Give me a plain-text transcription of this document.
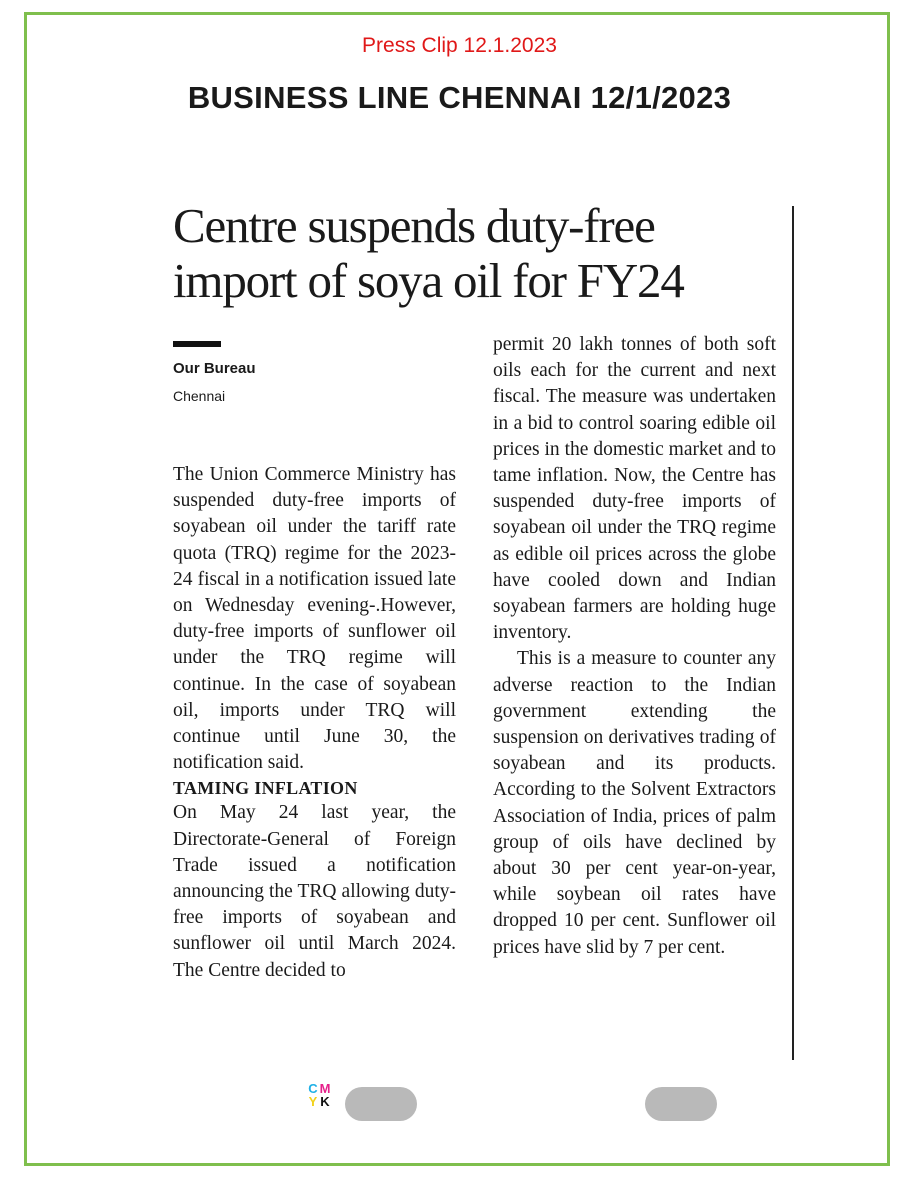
Press Clip 12.1.2023
BUSINESS LINE CHENNAI 12/1/2023
Centre suspends duty-free
import of soya oil for FY24
Our Bureau
Chennai

The Union Commerce Ministry has suspended duty-free imports of soyabean oil under the tariff rate quota (TRQ) regime for the 2023-24 fiscal in a notification issued late on Wednesday evening-.However, duty-free imports of sunflower oil under the TRQ regime will continue. In the case of soyabean oil, imports under TRQ will continue until June 30, the notification said.

TAMING INFLATION

On May 24 last year, the Directorate-General of Foreign Trade issued a notification announcing the TRQ allowing duty-free imports of soyabean and sunflower oil until March 2024. The Centre decided to

permit 20 lakh tonnes of both soft oils each for the current and next fiscal. The measure was undertaken in a bid to control soaring edible oil prices in the domestic market and to tame inflation. Now, the Centre has suspended duty-free imports of soyabean oil under the TRQ regime as edible oil prices across the globe have cooled down and Indian soyabean farmers are holding huge inventory.

This is a measure to counter any adverse reaction to the Indian government extending the suspension on derivatives trading of soyabean and its products. According to the Solvent Extractors Association of India, prices of palm group of oils have declined by about 30 per cent year-on-year, while soybean oil rates have dropped 10 per cent. Sunflower oil prices have slid by 7 per cent.

C M
Y K
